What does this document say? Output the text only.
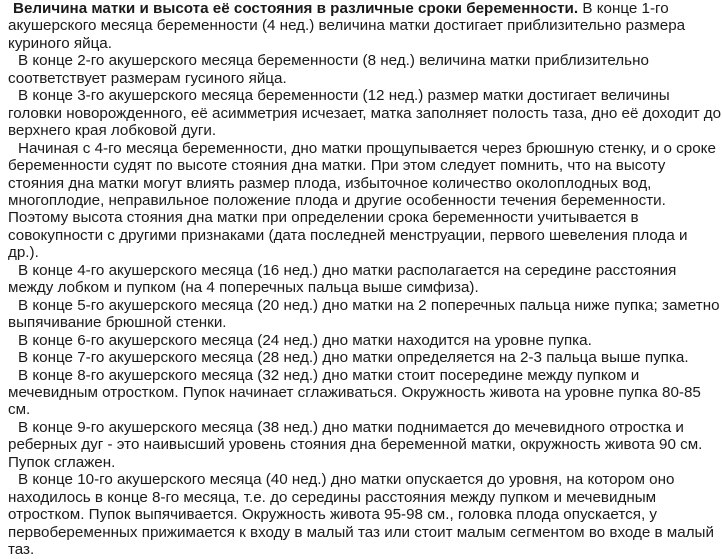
Величина матки и высота её состояния в различные сроки беременности. В конце 1-го акушерского месяца беременности (4 нед.) величина матки достигает приблизительно размера куриного яйца.

В конце 2-го акушерского месяца беременности (8 нед.) величина матки приблизительно соответствует размерам гусиного яйца.

В конце 3-го акушерского месяца беременности (12 нед.) размер матки достигает величины головки новорожденного, её асимметрия исчезает, матка заполняет полость таза, дно её доходит до верхнего края лобковой дуги.

Начиная с 4-го месяца беременности, дно матки прощупывается через брюшную стенку, и о сроке беременности судят по высоте стояния дна матки. При этом следует помнить, что на высоту стояния дна матки могут влиять размер плода, избыточное количество околоплодных вод, многоплодие, неправильное положение плода и другие особенности течения беременности. Поэтому высота стояния дна матки при определении срока беременности учитывается в совокупности с другими признаками (дата последней менструации, первого шевеления плода и др.).

В конце 4-го акушерского месяца (16 нед.) дно матки располагается на середине расстояния между лобком и пупком (на 4 поперечных пальца выше симфиза).

В конце 5-го акушерского месяца (20 нед.) дно матки на 2 поперечных пальца ниже пупка; заметно выпячивание брюшной стенки.

В конце 6-го акушерского месяца (24 нед.) дно матки находится на уровне пупка.

В конце 7-го акушерского месяца (28 нед.) дно матки определяется на 2-3 пальца выше пупка.

В конце 8-го акушерского месяца (32 нед.) дно матки стоит посередине между пупком и мечевидным отростком. Пупок начинает сглаживаться. Окружность живота на уровне пупка 80-85 см.

В конце 9-го акушерского месяца (38 нед.) дно матки поднимается до мечевидного отростка и реберных дуг - это наивысший уровень стояния дна беременной матки, окружность живота 90 см. Пупок сглажен.

В конце 10-го акушерского месяца (40 нед.) дно матки опускается до уровня, на котором оно находилось в конце 8-го месяца, т.е. до середины расстояния между пупком и мечевидным отростком. Пупок выпячивается. Окружность живота 95-98 см., головка плода опускается, у первобеременных прижимается к входу в малый таз или стоит малым сегментом во входе в малый таз.
